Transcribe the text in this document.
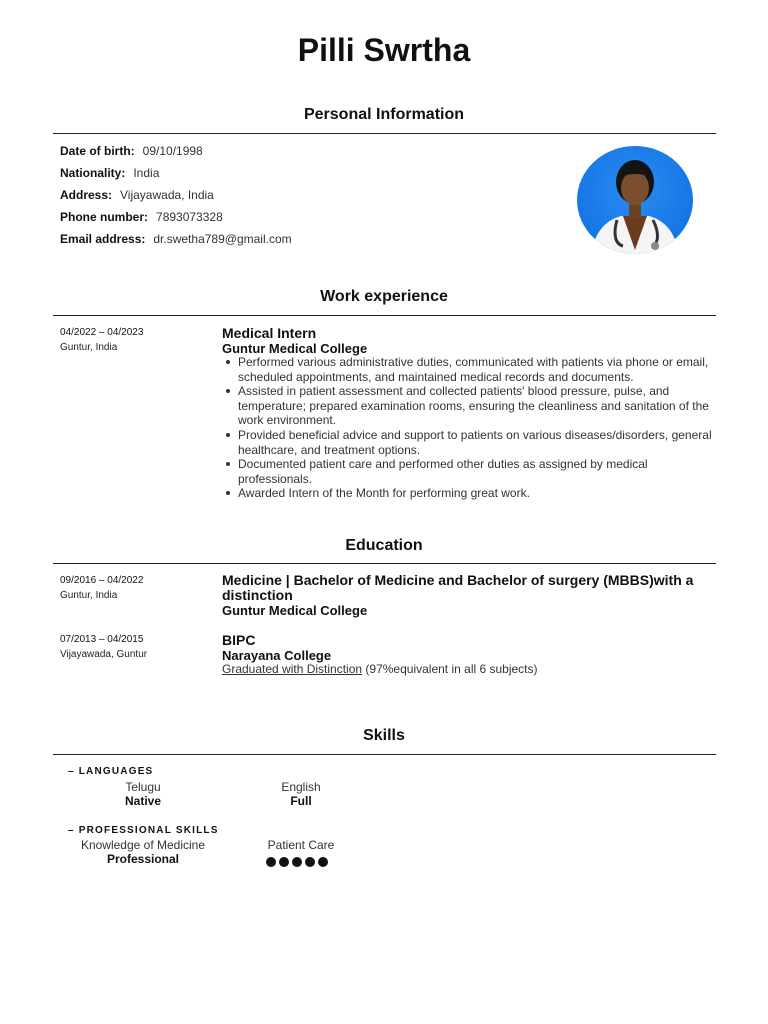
Pilli Swrtha
Personal Information
Date of birth: 09/10/1998
Nationality: India
Address: Vijayawada, India
Phone number: 7893073328
Email address: dr.swetha789@gmail.com
Work experience
04/2022 – 04/2023
Guntur, India
Medical Intern
Guntur Medical College
Performed various administrative duties, communicated with patients via phone or email, scheduled appointments, and maintained medical records and documents.
Assisted in patient assessment and collected patients' blood pressure, pulse, and temperature; prepared examination rooms, ensuring the cleanliness and sanitation of the work environment.
Provided beneficial advice and support to patients on various diseases/disorders, general healthcare, and treatment options.
Documented patient care and performed other duties as assigned by medical professionals.
Awarded Intern of the Month for performing great work.
Education
09/2016 – 04/2022
Guntur, India
Medicine | Bachelor of Medicine and Bachelor of surgery (MBBS)with a distinction
Guntur Medical College
07/2013 – 04/2015
Vijayawada, Guntur
BIPC
Narayana College
Graduated with Distinction (97%equivalent in all 6 subjects)
Skills
– LANGUAGES
Telugu
Native
English
Full
– PROFESSIONAL SKILLS
Knowledge of Medicine
Professional
Patient Care
